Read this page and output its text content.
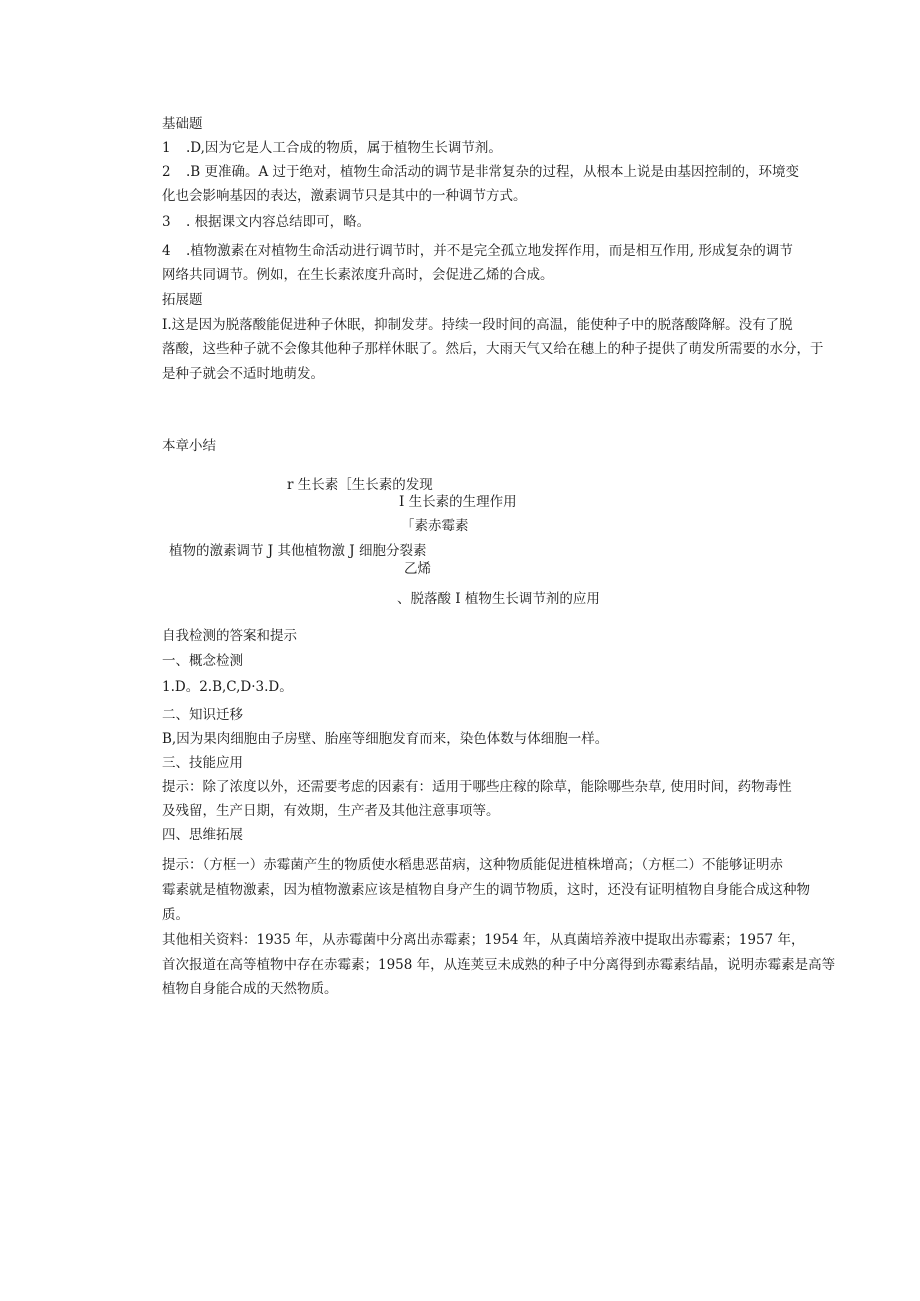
基础题
1 .D,因为它是人工合成的物质，属于植物生长调节剂。
2 .B 更准确。A 过于绝对，植物生命活动的调节是非常复杂的过程，从根本上说是由基因控制的，环境变
化也会影响基因的表达，激素调节只是其中的一种调节方式。
3 . 根据课文内容总结即可，略。
4 .植物激素在对植物生命活动进行调节时，并不是完全孤立地发挥作用，而是相互作用, 形成复杂的调节
网络共同调节。例如，在生长素浓度升高时，会促进乙烯的合成。
拓展题
I.这是因为脱落酸能促进种子休眠，抑制发芽。持续一段时间的高温，能使种子中的脱落酸降解。没有了脱
落酸，这些种子就不会像其他种子那样休眠了。然后，大雨天气又给在穗上的种子提供了萌发所需要的水分，于
是种子就会不适时地萌发。
本章小结
r 生长素［生长素的发现
I 生长素的生理作用
「素赤霉素
植物的激素调节 J 其他植物激 J 细胞分裂素
乙烯
、脱落酸 I 植物生长调节剂的应用
自我检测的答案和提示
一、概念检测
1.D。2.B,C,D·3.D。
二、知识迁移
B,因为果肉细胞由子房壁、胎座等细胞发育而来，染色体数与体细胞一样。
三、技能应用
提示：除了浓度以外，还需要考虑的因素有：适用于哪些庄稼的除草，能除哪些杂草, 使用时间，药物毒性
及残留，生产日期，有效期，生产者及其他注意事项等。
四、思维拓展
提示：（方框一）赤霉菌产生的物质使水稻患恶苗病，这种物质能促进植株增高；（方框二）不能够证明赤
霉素就是植物激素，因为植物激素应该是植物自身产生的调节物质，这时，还没有证明植物自身能合成这种物
质。
其他相关资料：1935 年，从赤霉菌中分离出赤霉素；1954 年，从真菌培养液中提取出赤霉素；1957 年，
首次报道在高等植物中存在赤霉素；1958 年，从连荚豆未成熟的种子中分离得到赤霉素结晶，说明赤霉素是高等
植物自身能合成的天然物质。
